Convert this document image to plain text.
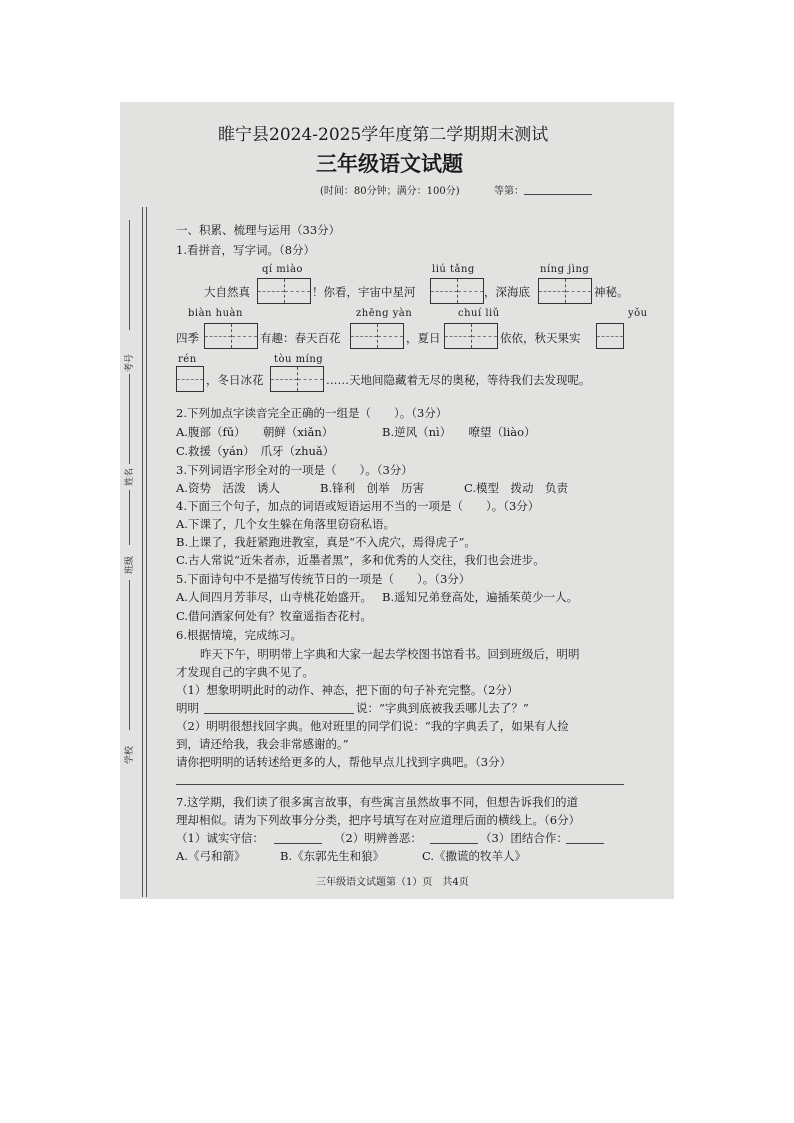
睢宁县2024-2025学年度第二学期期末测试
三年级语文试题
(时间：80分钟；满分：100分)	等第：
考号
姓名
班级
学校
一、积累、梳理与运用（33分）
1.看拼音，写字词。（8分）
qí miào	liú tǎng	níng jìng
大自然真	！你看，宇宙中星河	，深海底	神秘。
biàn huàn	zhēng yàn	chuí liǔ	yǒu
四季	有趣：春天百花	，夏日	依依，秋天果实
rén	tòu míng
，冬日冰花	……天地间隐藏着无尽的奥秘，等待我们去发现呢。
2.下列加点字读音完全正确的一组是（　　）。（3分）
A.腹部（fū）　　朝鲜（xiǎn）	B.逆风（nì）　　嘹望（liào）
C.救援（yán）　爪牙（zhuǎ）
3.下列词语字形全对的一项是（　　）。（3分）
A.资势　活泼　诱人	B.锋利　创举　历害	C.模型　拨动　负责
4.下面三个句子，加点的词语或短语运用不当的一项是（　　）。（3分）
A.下课了，几个女生躲在角落里窃窃私语。
B.上课了，我赶紧跑进教室，真是“不入虎穴，焉得虎子”。
C.古人常说“近朱者赤，近墨者黑”，多和优秀的人交往，我们也会进步。
5.下面诗句中不是描写传统节日的一项是（　　）。（3分）
A.人间四月芳菲尽，山寺桃花始盛开。 B.遥知兄弟登高处，遍插茱萸少一人。
C.借问酒家何处有？牧童遥指杏花村。
6.根据情境，完成练习。
昨天下午，明明带上字典和大家一起去学校图书馆看书。回到班级后，明明
才发现自己的字典不见了。
（1）想象明明此时的动作、神态，把下面的句子补充完整。（2分）
明明	说：“字典到底被我丢哪儿去了？”
（2）明明很想找回字典。他对班里的同学们说：“我的字典丢了，如果有人捡
到，请还给我，我会非常感谢的。”
请你把明明的话转述给更多的人，帮他早点儿找到字典吧。（3分）
7.这学期，我们读了很多寓言故事，有些寓言虽然故事不同，但想告诉我们的道
理却相似。请为下列故事分分类，把序号填写在对应道理后面的横线上。（6分）
（1）诚实守信：	（2）明辨善恶：	（3）团结合作：
A.《弓和箭》	B.《东郭先生和狼》	C.《撒谎的牧羊人》
三年级语文试题第（1）页　共4页
